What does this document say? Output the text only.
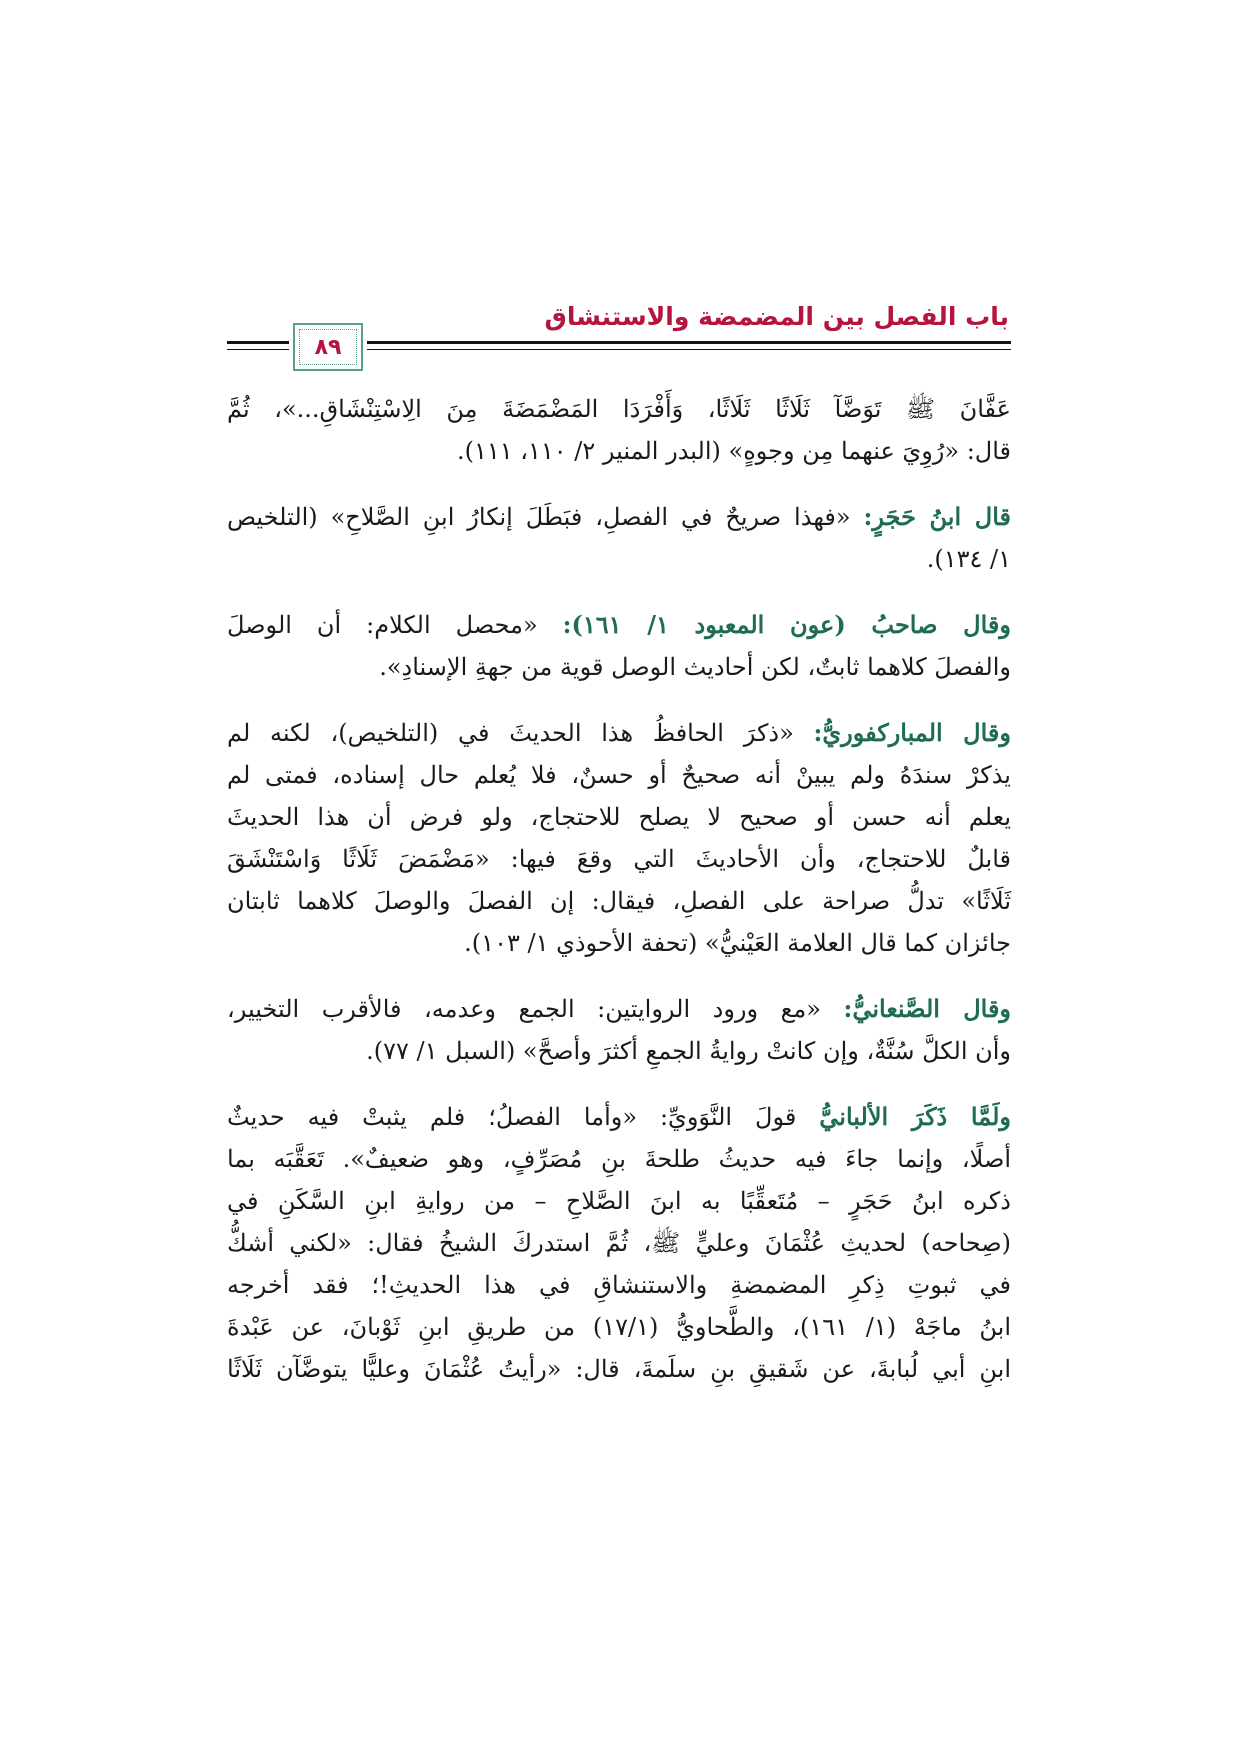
باب الفصل بين المضمضة والاستنشاق
٨٩

عَفَّانَ ﷺ تَوَضَّآ ثَلَاثًا ثَلَاثًا، وَأَفْرَدَا المَضْمَضَةَ مِنَ الِاسْتِنْشَاقِ...»، ثُمَّ
قال: «رُوِيَ عنهما مِن وجوهٍ» (البدر المنير ٢/ ١١٠، ١١١).

قال ابنُ حَجَرٍ: «فهذا صريحٌ في الفصلِ، فبَطَلَ إنكارُ ابنِ الصَّلاحِ» (التلخيص
١/ ١٣٤).

وقال صاحبُ (عون المعبود ١/ ١٦١): «محصل الكلام: أن الوصلَ
والفصلَ كلاهما ثابتٌ، لكن أحاديث الوصل قوية من جهةِ الإسنادِ».

وقال المباركفوريُّ: «ذكرَ الحافظُ هذا الحديثَ في (التلخيص)، لكنه لم
يذكرْ سندَهُ ولم يبينْ أنه صحيحٌ أو حسنٌ، فلا يُعلم حال إسناده، فمتى لم
يعلم أنه حسن أو صحيح لا يصلح للاحتجاج، ولو فرض أن هذا الحديثَ
قابلٌ للاحتجاج، وأن الأحاديثَ التي وقعَ فيها: «مَضْمَضَ ثَلَاثًا وَاسْتَنْشَقَ
ثَلَاثًا» تدلُّ صراحة على الفصلِ، فيقال: إن الفصلَ والوصلَ كلاهما ثابتان
جائزان كما قال العلامة العَيْنيُّ» (تحفة الأحوذي ١/ ١٠٣).

وقال الصَّنعانيُّ: «مع ورود الروايتين: الجمع وعدمه، فالأقرب التخيير،
وأن الكلَّ سُنَّةٌ، وإن كانتْ روايةُ الجمعِ أكثرَ وأصحَّ» (السبل ١/ ٧٧).

ولَمَّا ذَكَرَ الألبانيُّ قولَ النَّوَويِّ: «وأما الفصلُ؛ فلم يثبتْ فيه حديثٌ
أصلًا، وإنما جاءَ فيه حديثُ طلحةَ بنِ مُصَرِّفٍ، وهو ضعيفٌ». تَعَقَّبَه بما
ذكره ابنُ حَجَرٍ – مُتَعقِّبًا به ابنَ الصَّلاحِ – من روايةِ ابنِ السَّكَنِ في
(صِحاحه) لحديثِ عُثْمَانَ وعليٍّ ﷺ، ثُمَّ استدركَ الشيخُ فقال: «لكني أشكُّ
في ثبوتِ ذِكرِ المضمضةِ والاستنشاقِ في هذا الحديثِ!؛ فقد أخرجه
ابنُ ماجَهْ (١/ ١٦١)، والطَّحاويُّ (١٧/١) من طريقِ ابنِ ثَوْبانَ، عن عَبْدةَ
ابنِ أبي لُبابةَ، عن شَقيقِ بنِ سلَمةَ، قال: «رأيتُ عُثْمَانَ وعليًّا يتوضَّآن ثَلَاثًا
